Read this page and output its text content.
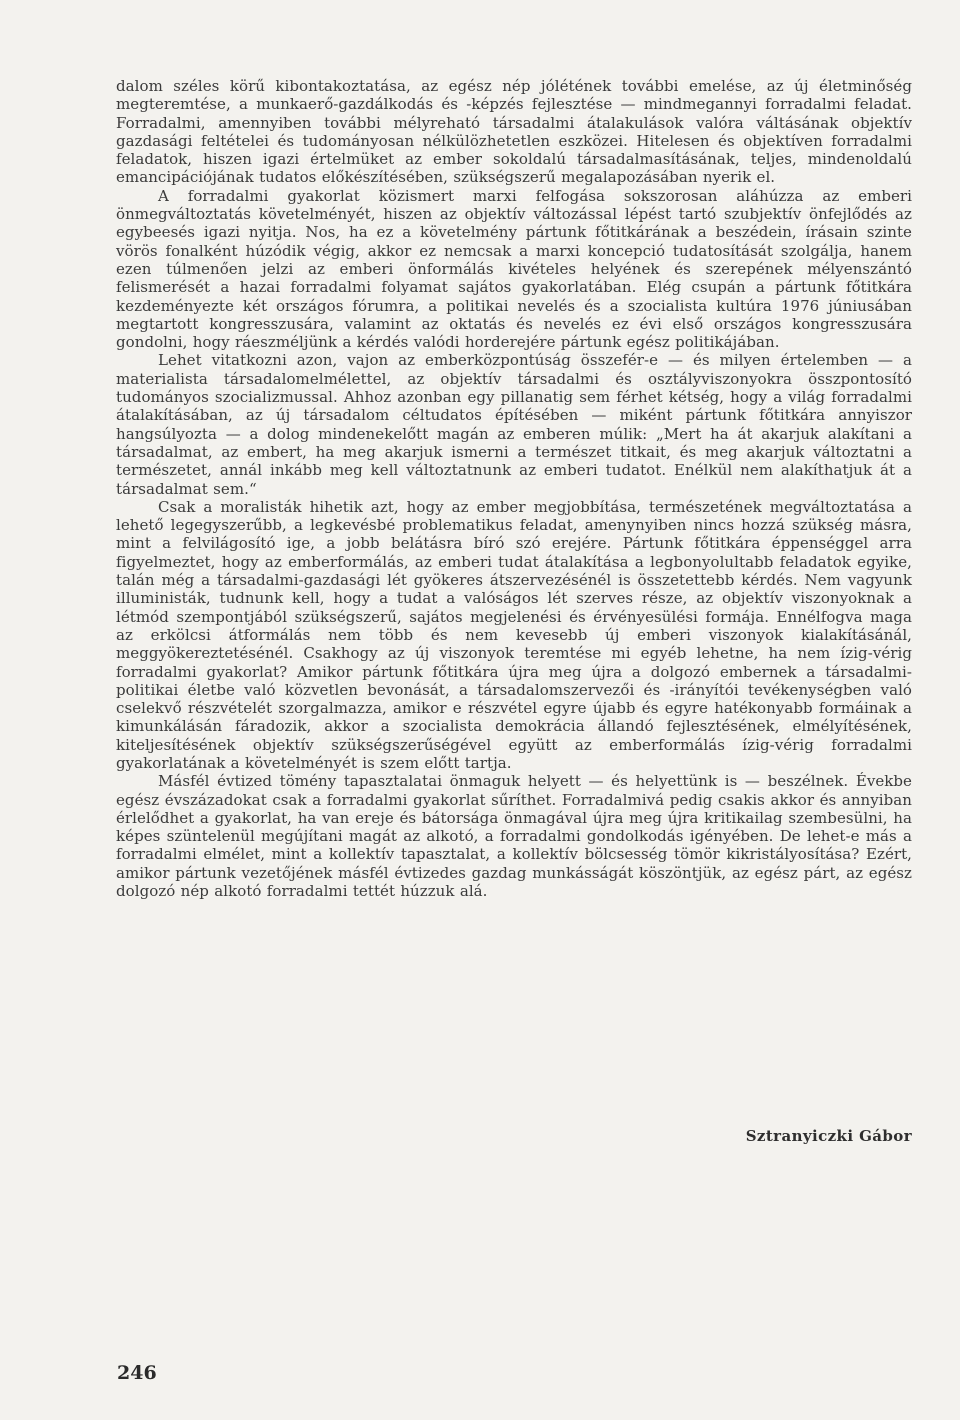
dalom széles körű kibontakoztatása, az egész nép jólétének további emelése, az új életminőség megteremtése, a munkaerő-gazdálkodás és -képzés fejlesztése — mindmegannyi forradalmi feladat. Forradalmi, amennyiben további mélyreható társadalmi átalakulások valóra váltásának objektív gazdasági feltételei és tudományosan nélkülözhetetlen eszközei. Hitelesen és objektíven forradalmi feladatok, hiszen igazi értelmüket az ember sokoldalú társadalmasításának, teljes, mindenoldalú emancipációjának tudatos előkészítésében, szükségszerű megalapozásában nyerik el.

A forradalmi gyakorlat közismert marxi felfogása sokszorosan aláhúzza az emberi önmegváltoztatás követelményét, hiszen az objektív változással lépést tartó szubjektív önfejlődés az egybeesés igazi nyitja. Nos, ha ez a követelmény pártunk főtitkárának a beszédein, írásain szinte vörös fonalként húzódik végig, akkor ez nemcsak a marxi koncepció tudatosítását szolgálja, hanem ezen túlmenően jelzi az emberi önformálás kivételes helyének és szerepének mélyenszántó felismerését a hazai forradalmi folyamat sajátos gyakorlatában. Elég csupán a pártunk főtitkára kezdeményezte két országos fórumra, a politikai nevelés és a szocialista kultúra 1976 júniusában megtartott kongresszusára, valamint az oktatás és nevelés ez évi első országos kongresszusára gondolni, hogy ráeszméljünk a kérdés valódi horderejére pártunk egész politikájában.

Lehet vitatkozni azon, vajon az emberközpontúság összefér-e — és milyen értelemben — a materialista társadalomelmélettel, az objektív társadalmi és osztályviszonyokra összpontosító tudományos szocializmussal. Ahhoz azonban egy pillanatig sem férhet kétség, hogy a világ forradalmi átalakításában, az új társadalom céltudatos építésében — miként pártunk főtitkára annyiszor hangsúlyozta — a dolog mindenekelőtt magán az emberen múlik: „Mert ha át akarjuk alakítani a társadalmat, az embert, ha meg akarjuk ismerni a természet titkait, és meg akarjuk változtatni a természetet, annál inkább meg kell változtatnunk az emberi tudatot. Enélkül nem alakíthatjuk át a társadalmat sem.“

Csak a moralisták hihetik azt, hogy az ember megjobbítása, természetének megváltoztatása a lehető legegyszerűbb, a legkevésbé problematikus feladat, amenynyiben nincs hozzá szükség másra, mint a felvilágosító ige, a jobb belátásra bíró szó erejére. Pártunk főtitkára éppenséggel arra figyelmeztet, hogy az emberformálás, az emberi tudat átalakítása a legbonyolultabb feladatok egyike, talán még a társadalmi-gazdasági lét gyökeres átszervezésénél is összetettebb kérdés. Nem vagyunk illuministák, tudnunk kell, hogy a tudat a valóságos lét szerves része, az objektív viszonyoknak a létmód szempontjából szükségszerű, sajátos megjelenési és érvényesülési formája. Ennélfogva maga az erkölcsi átformálás nem több és nem kevesebb új emberi viszonyok kialakításánál, meggyökereztetésénél. Csakhogy az új viszonyok teremtése mi egyéb lehetne, ha nem ízig-vérig forradalmi gyakorlat? Amikor pártunk főtitkára újra meg újra a dolgozó embernek a társadalmi-politikai életbe való közvetlen bevonását, a társadalomszervezői és -irányítói tevékenységben való cselekvő részvételét szorgalmazza, amikor e részvétel egyre újabb és egyre hatékonyabb formáinak a kimunkálásán fáradozik, akkor a szocialista demokrácia állandó fejlesztésének, elmélyítésének, kiteljesítésének objektív szükségszerűségével együtt az emberformálás ízig-vérig forradalmi gyakorlatának a követelményét is szem előtt tartja.

Másfél évtized tömény tapasztalatai önmaguk helyett — és helyettünk is — beszélnek. Évekbe egész évszázadokat csak a forradalmi gyakorlat sűríthet. Forradalmivá pedig csakis akkor és annyiban érlelődhet a gyakorlat, ha van ereje és bátorsága önmagával újra meg újra kritikailag szembesülni, ha képes szüntelenül megújítani magát az alkotó, a forradalmi gondolkodás igényében. De lehet-e más a forradalmi elmélet, mint a kollektív tapasztalat, a kollektív bölcsesség tömör kikristályosítása? Ezért, amikor pártunk vezetőjének másfél évtizedes gazdag munkásságát köszöntjük, az egész párt, az egész dolgozó nép alkotó forradalmi tettét húzzuk alá.

Sztranyiczki Gábor
246
